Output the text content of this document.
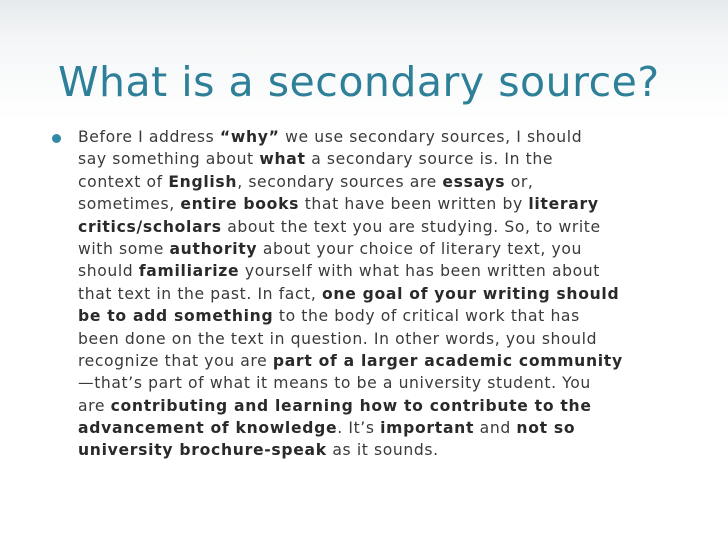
What is a secondary source?
Before I address “why” we use secondary sources, I should
say something about what a secondary source is. In the
context of English, secondary sources are essays or,
sometimes, entire books that have been written by literary
critics/scholars about the text you are studying. So, to write
with some authority about your choice of literary text, you
should familiarize yourself with what has been written about
that text in the past. In fact, one goal of your writing should
be to add something to the body of critical work that has
been done on the text in question. In other words, you should
recognize that you are part of a larger academic community
—that’s part of what it means to be a university student. You
are contributing and learning how to contribute to the
advancement of knowledge. It’s important and not so
university brochure-speak as it sounds.
